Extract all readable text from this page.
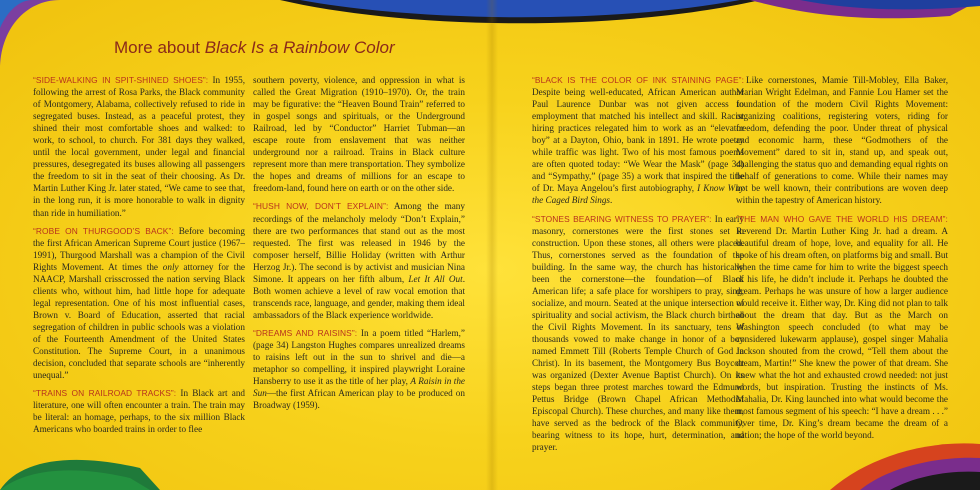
More about Black Is a Rainbow Color

“SIDE-WALKING IN SPIT-SHINED SHOES”: In 1955, following the arrest of Rosa Parks, the Black community of Montgomery, Alabama, collectively refused to ride in segregated buses. Instead, as a peaceful protest, they shined their most comfortable shoes and walked: to work, to school, to church. For 381 days they walked, until the local government, under legal and financial pressures, desegregated its buses allowing all passengers the freedom to sit in the seat of their choosing. As Dr. Martin Luther King Jr. later stated, “We came to see that, in the long run, it is more honorable to walk in dignity than ride in humiliation.”

“ROBE ON THURGOOD’S BACK”: Before becoming the first African American Supreme Court justice (1967–1991), Thurgood Marshall was a champion of the Civil Rights Movement. At times the only attorney for the NAACP, Marshall crisscrossed the nation serving Black clients who, without him, had little hope for adequate legal representation. One of his most influential cases, Brown v. Board of Education, asserted that racial segregation of children in public schools was a violation of the Fourteenth Amendment of the United States Constitution. The Supreme Court, in a unanimous decision, concluded that separate schools are “inherently unequal.”

“TRAINS ON RAILROAD TRACKS”: In Black art and literature, one will often encounter a train. The train may be literal: an homage, perhaps, to the six million Black Americans who boarded trains in order to flee

southern poverty, violence, and oppression in what is called the Great Migration (1910–1970). Or, the train may be figurative: the “Heaven Bound Train” referred to in gospel songs and spirituals, or the Underground Railroad, led by “Conductor” Harriet Tubman—an escape route from enslavement that was neither underground nor a railroad. Trains in Black culture represent more than mere transportation. They symbolize the hopes and dreams of millions for an escape to freedom-land, found here on earth or on the other side.

“HUSH NOW, DON’T EXPLAIN”: Among the many recordings of the melancholy melody “Don’t Explain,” there are two performances that stand out as the most requested. The first was released in 1946 by the composer herself, Billie Holiday (written with Arthur Herzog Jr.). The second is by activist and musician Nina Simone. It appears on her fifth album, Let It All Out. Both women achieve a level of raw vocal emotion that transcends race, language, and gender, making them ideal ambassadors of the Black experience worldwide.

“DREAMS AND RAISINS”: In a poem titled “Harlem,” (page 34) Langston Hughes compares unrealized dreams to raisins left out in the sun to shrivel and die—a metaphor so compelling, it inspired playwright Loraine Hansberry to use it as the title of her play, A Raisin in the Sun—the first African American play to be produced on Broadway (1959).

“BLACK IS THE COLOR OF INK STAINING PAGE”: Despite being well-educated, African American author Paul Laurence Dunbar was not given access to employment that matched his intellect and skill. Racist hiring practices relegated him to work as an “elevator boy” at a Dayton, Ohio, bank in 1891. He wrote poetry while traffic was light. Two of his most famous poems are often quoted today: “We Wear the Mask” (page 34) and “Sympathy,” (page 35) a work that inspired the title of Dr. Maya Angelou’s first autobiography, I Know Why the Caged Bird Sings.

“STONES BEARING WITNESS TO PRAYER”: In early masonry, cornerstones were the first stones set in construction. Upon these stones, all others were placed. Thus, cornerstones served as the foundation of the building. In the same way, the church has historically been the cornerstone—the foundation—of Black American life; a safe place for worshipers to pray, sing, socialize, and mourn. Seated at the unique intersection of spirituality and social activism, the Black church birthed the Civil Rights Movement. In its sanctuary, tens of thousands vowed to make change in honor of a boy named Emmett Till (Roberts Temple Church of God in Christ). In its basement, the Montgomery Bus Boycott was organized (Dexter Avenue Baptist Church). On its steps began three protest marches toward the Edmund Pettus Bridge (Brown Chapel African Methodist Episcopal Church). These churches, and many like them, have served as the bedrock of the Black community, bearing witness to its hope, hurt, determination, and prayer.

Like cornerstones, Mamie Till-Mobley, Ella Baker, Marian Wright Edelman, and Fannie Lou Hamer set the foundation of the modern Civil Rights Movement: organizing coalitions, registering voters, riding for freedom, defending the poor. Under threat of physical and economic harm, these “Godmothers of the Movement” dared to sit in, stand up, and speak out, challenging the status quo and demanding equal rights on behalf of generations to come. While their names may not be well known, their contributions are woven deep within the tapestry of American history.

“THE MAN WHO GAVE THE WORLD HIS DREAM”: Reverend Dr. Martin Luther King Jr. had a dream. A beautiful dream of hope, love, and equality for all. He spoke of his dream often, on platforms big and small. But when the time came for him to write the biggest speech of his life, he didn’t include it. Perhaps he doubted the dream. Perhaps he was unsure of how a larger audience would receive it. Either way, Dr. King did not plan to talk about the dream that day. But as the March on Washington speech concluded (to what may be considered lukewarm applause), gospel singer Mahalia Jackson shouted from the crowd, “Tell them about the dream, Martin!” She knew the power of that dream. She knew what the hot and exhausted crowd needed: not just words, but inspiration. Trusting the instincts of Ms. Mahalia, Dr. King launched into what would become the most famous segment of his speech: “I have a dream . . .” Over time, Dr. King’s dream became the dream of a nation; the hope of the world beyond.
